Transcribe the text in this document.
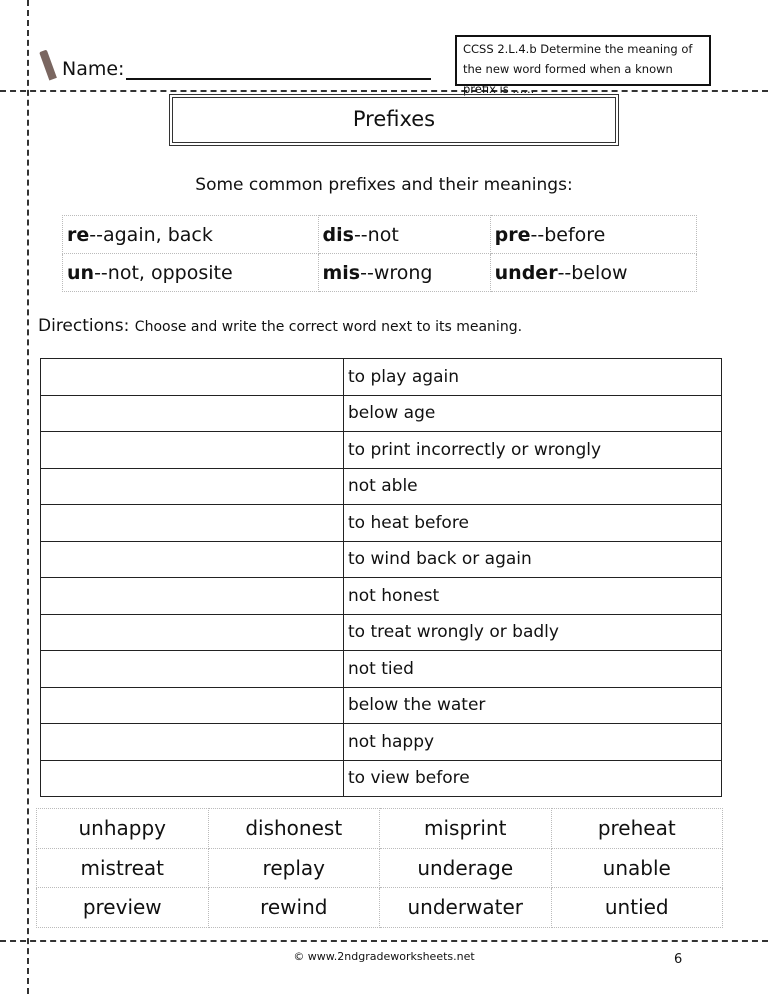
Name:
CCSS 2.L.4.b Determine the meaning of the new word formed when a known prefix is ......
Prefixes
Some common prefixes and their meanings:
re--again, back	dis--not	pre--before
un--not, opposite	mis--wrong	under--below
Directions: Choose and write the correct word next to its meaning.
	to play again
	below age
	to print incorrectly or wrongly
	not able
	to heat before
	to wind back or again
	not honest
	to treat wrongly or badly
	not tied
	below the water
	not happy
	to view before
unhappy	dishonest	misprint	preheat
mistreat	replay	underage	unable
preview	rewind	underwater	untied
© www.2ndgradeworksheets.net	6
